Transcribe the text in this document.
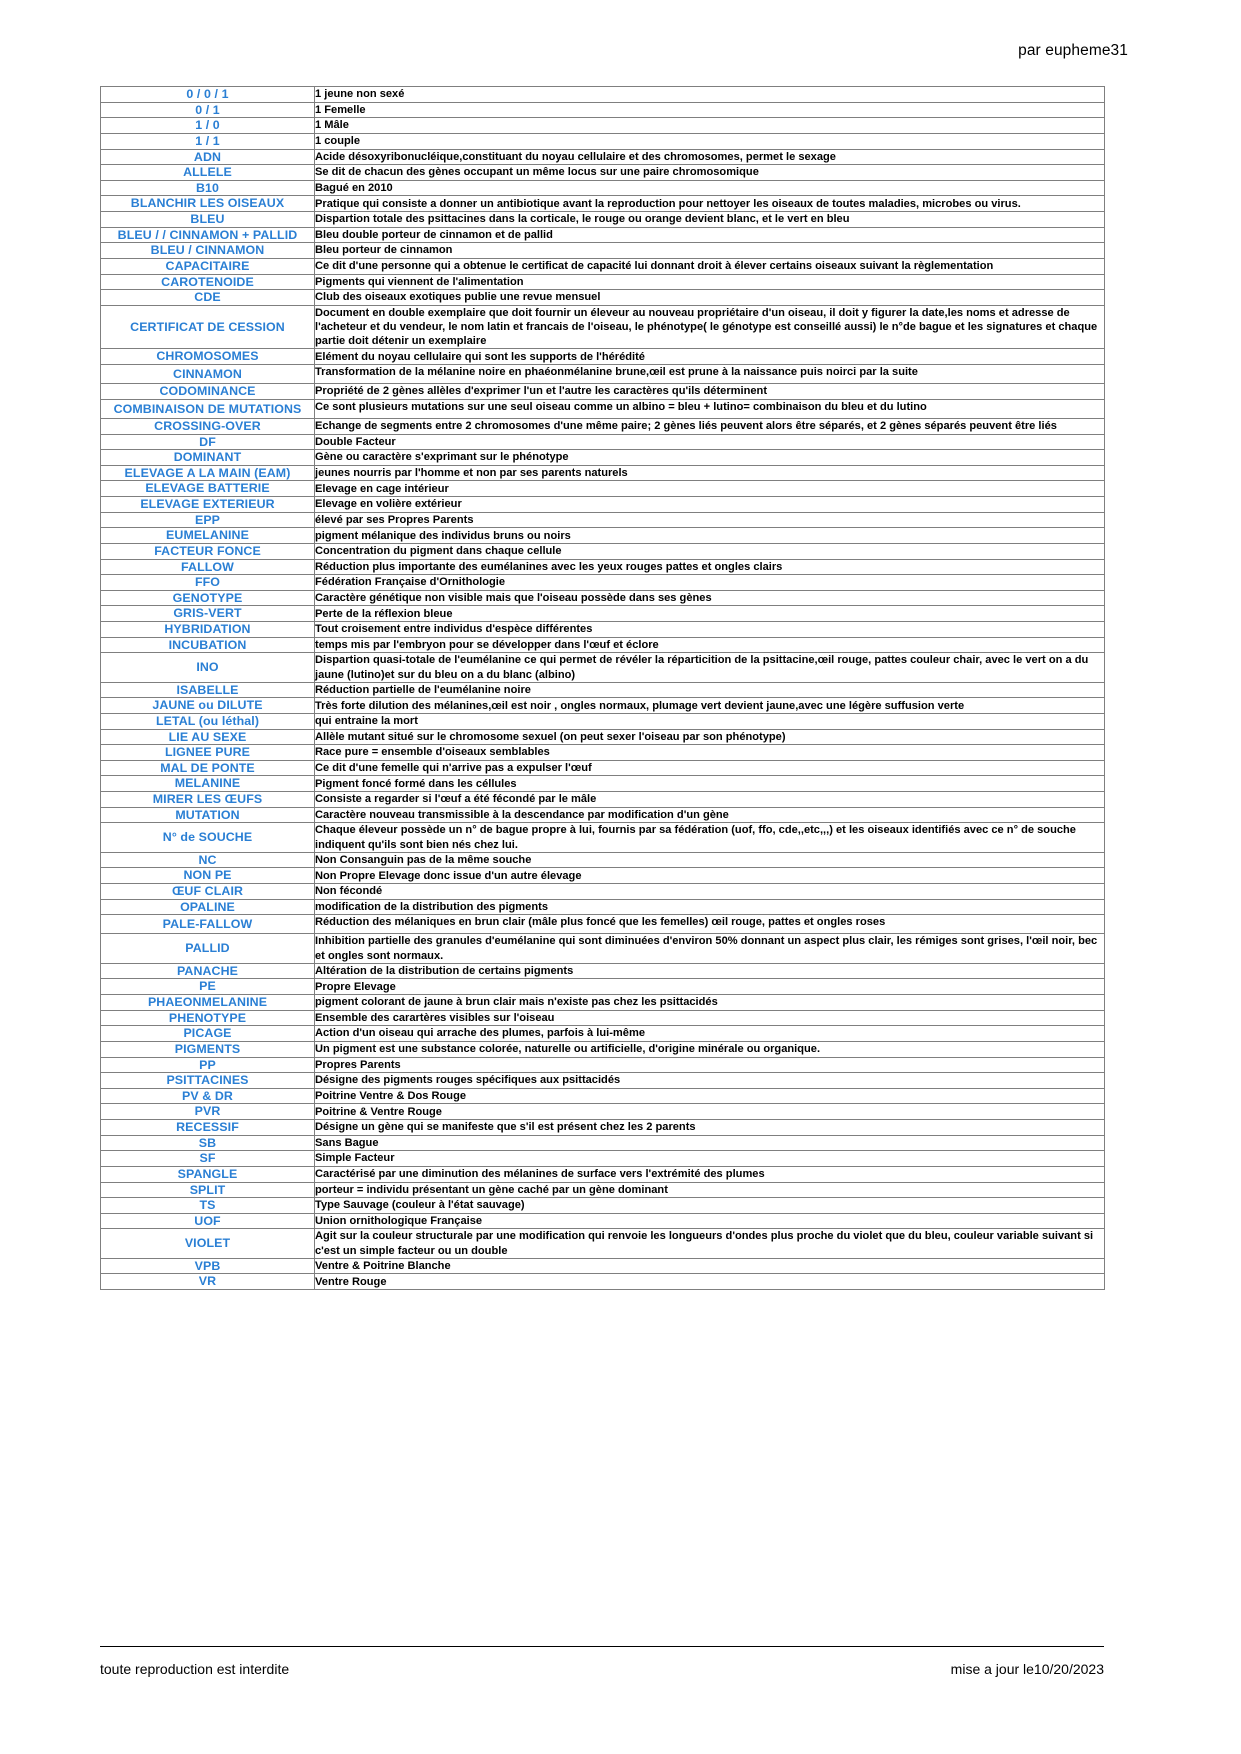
par eupheme31
0 / 0 / 1	1 jeune non sexé
0 / 1	1 Femelle
1 / 0	1 Mâle
1 / 1	1 couple
ADN	Acide désoxyribonucléique,constituant du noyau cellulaire et des chromosomes, permet le sexage
ALLELE	Se dit de chacun des gènes occupant un même locus sur une paire chromosomique
B10	Bagué en 2010
BLANCHIR LES OISEAUX	Pratique qui consiste a donner un antibiotique avant la reproduction pour nettoyer les oiseaux de toutes maladies, microbes ou virus.
BLEU	Dispartion totale des psittacines dans la corticale, le rouge ou orange devient blanc, et le vert en bleu
BLEU / / CINNAMON + PALLID	Bleu double porteur de cinnamon et de pallid
BLEU / CINNAMON	Bleu porteur de cinnamon
CAPACITAIRE	Ce dit d'une personne qui a obtenue le certificat de capacité lui donnant droit à élever certains oiseaux suivant la règlementation
CAROTENOIDE	Pigments qui viennent de l'alimentation
CDE	Club des oiseaux exotiques publie une revue mensuel
CERTIFICAT DE CESSION	Document en double exemplaire que doit fournir un éleveur au nouveau propriétaire d'un oiseau, il doit y figurer la date,les noms et adresse de l'acheteur et du vendeur, le nom latin et francais de l'oiseau, le phénotype( le génotype est conseillé aussi) le n°de bague et les signatures et chaque partie doit détenir un exemplaire
CHROMOSOMES	Elément du noyau cellulaire qui sont les supports de l'hérédité
CINNAMON	Transformation de la mélanine noire en phaéonmélanine brune,œil est prune à la naissance puis noirci par la suite
CODOMINANCE	Propriété de 2 gènes allèles d'exprimer l'un et l'autre les caractères qu'ils déterminent
COMBINAISON DE MUTATIONS	Ce sont plusieurs mutations sur une seul oiseau comme un albino = bleu + lutino= combinaison du bleu et du lutino
CROSSING-OVER	Echange de segments entre 2 chromosomes d'une même paire; 2 gènes liés peuvent alors être séparés, et 2 gènes séparés peuvent être liés
DF	Double Facteur
DOMINANT	Gène ou caractère s'exprimant sur le phénotype
ELEVAGE A LA MAIN (EAM)	jeunes nourris par l'homme et non par ses parents naturels
ELEVAGE BATTERIE	Elevage en cage intérieur
ELEVAGE EXTERIEUR	Elevage en volière extérieur
EPP	élevé par ses Propres Parents
EUMELANINE	pigment mélanique des individus bruns ou noirs
FACTEUR FONCE	Concentration du pigment dans chaque cellule
FALLOW	Réduction plus importante des eumélanines avec les yeux rouges pattes et ongles clairs
FFO	Fédération Française d'Ornithologie
GENOTYPE	Caractère génétique non visible mais que l'oiseau possède dans ses gènes
GRIS-VERT	Perte de la réflexion bleue
HYBRIDATION	Tout croisement entre individus d'espèce différentes
INCUBATION	temps mis par l'embryon pour se développer dans l'œuf et éclore
INO	Dispartion quasi-totale de l'eumélanine ce qui permet de révéler la réparticition de la psittacine,œil rouge, pattes couleur chair, avec le vert on a du jaune (lutino)et sur du bleu on a du blanc (albino)
ISABELLE	Réduction partielle de l'eumélanine noire
JAUNE ou DILUTE	Très forte dilution des mélanines,œil est noir , ongles normaux, plumage vert devient jaune,avec une légère suffusion verte
LETAL (ou léthal)	qui entraine la mort
LIE AU SEXE	Allèle mutant situé sur le chromosome sexuel (on peut sexer l'oiseau par son phénotype)
LIGNEE PURE	Race pure = ensemble d'oiseaux semblables
MAL DE PONTE	Ce dit d'une femelle qui n'arrive pas a expulser l'œuf
MELANINE	Pigment foncé formé dans les céllules
MIRER LES ŒUFS	Consiste a regarder si l'œuf a été fécondé par le mâle
MUTATION	Caractère nouveau transmissible à la descendance par modification d'un gène
N° de SOUCHE	Chaque éleveur possède un n° de bague propre à lui, fournis par sa fédération (uof, ffo, cde,,etc,,,) et les oiseaux identifiés avec ce n° de souche indiquent qu'ils sont bien nés chez lui.
NC	Non Consanguin pas de la même souche
NON PE	Non Propre Elevage donc issue d'un autre élevage
ŒUF CLAIR	Non fécondé
OPALINE	modification de la distribution des pigments
PALE-FALLOW	Réduction des mélaniques en brun clair (mâle plus foncé que les femelles) œil rouge, pattes et ongles roses
PALLID	Inhibition partielle des granules d'eumélanine qui sont diminuées d'environ 50% donnant un aspect plus clair, les rémiges sont grises, l'œil noir, bec et ongles sont normaux.
PANACHE	Altération de la distribution de certains pigments
PE	Propre Elevage
PHAEONMELANINE	pigment colorant de jaune à brun clair mais n'existe pas chez les psittacidés
PHENOTYPE	Ensemble des carartères visibles sur l'oiseau
PICAGE	Action d'un oiseau qui arrache des plumes, parfois à lui-même
PIGMENTS	Un pigment est une substance colorée, naturelle ou artificielle, d'origine minérale ou organique.
PP	Propres Parents
PSITTACINES	Désigne des pigments rouges spécifiques aux psittacidés
PV & DR	Poitrine Ventre & Dos Rouge
PVR	Poitrine & Ventre Rouge
RECESSIF	Désigne un gène qui se manifeste que s'il est présent chez les 2 parents
SB	Sans Bague
SF	Simple Facteur
SPANGLE	Caractérisé par une diminution des mélanines de surface vers l'extrémité des plumes
SPLIT	porteur = individu présentant un gène caché par un gène dominant
TS	Type Sauvage (couleur à l'état sauvage)
UOF	Union ornithologique Française
VIOLET	Agit sur la couleur structurale par une modification qui renvoie les longueurs d'ondes plus proche du violet que du bleu, couleur variable suivant si c'est un simple facteur ou un double
VPB	Ventre & Poitrine Blanche
VR	Ventre Rouge
toute reproduction est interdite	mise a jour le10/20/2023
